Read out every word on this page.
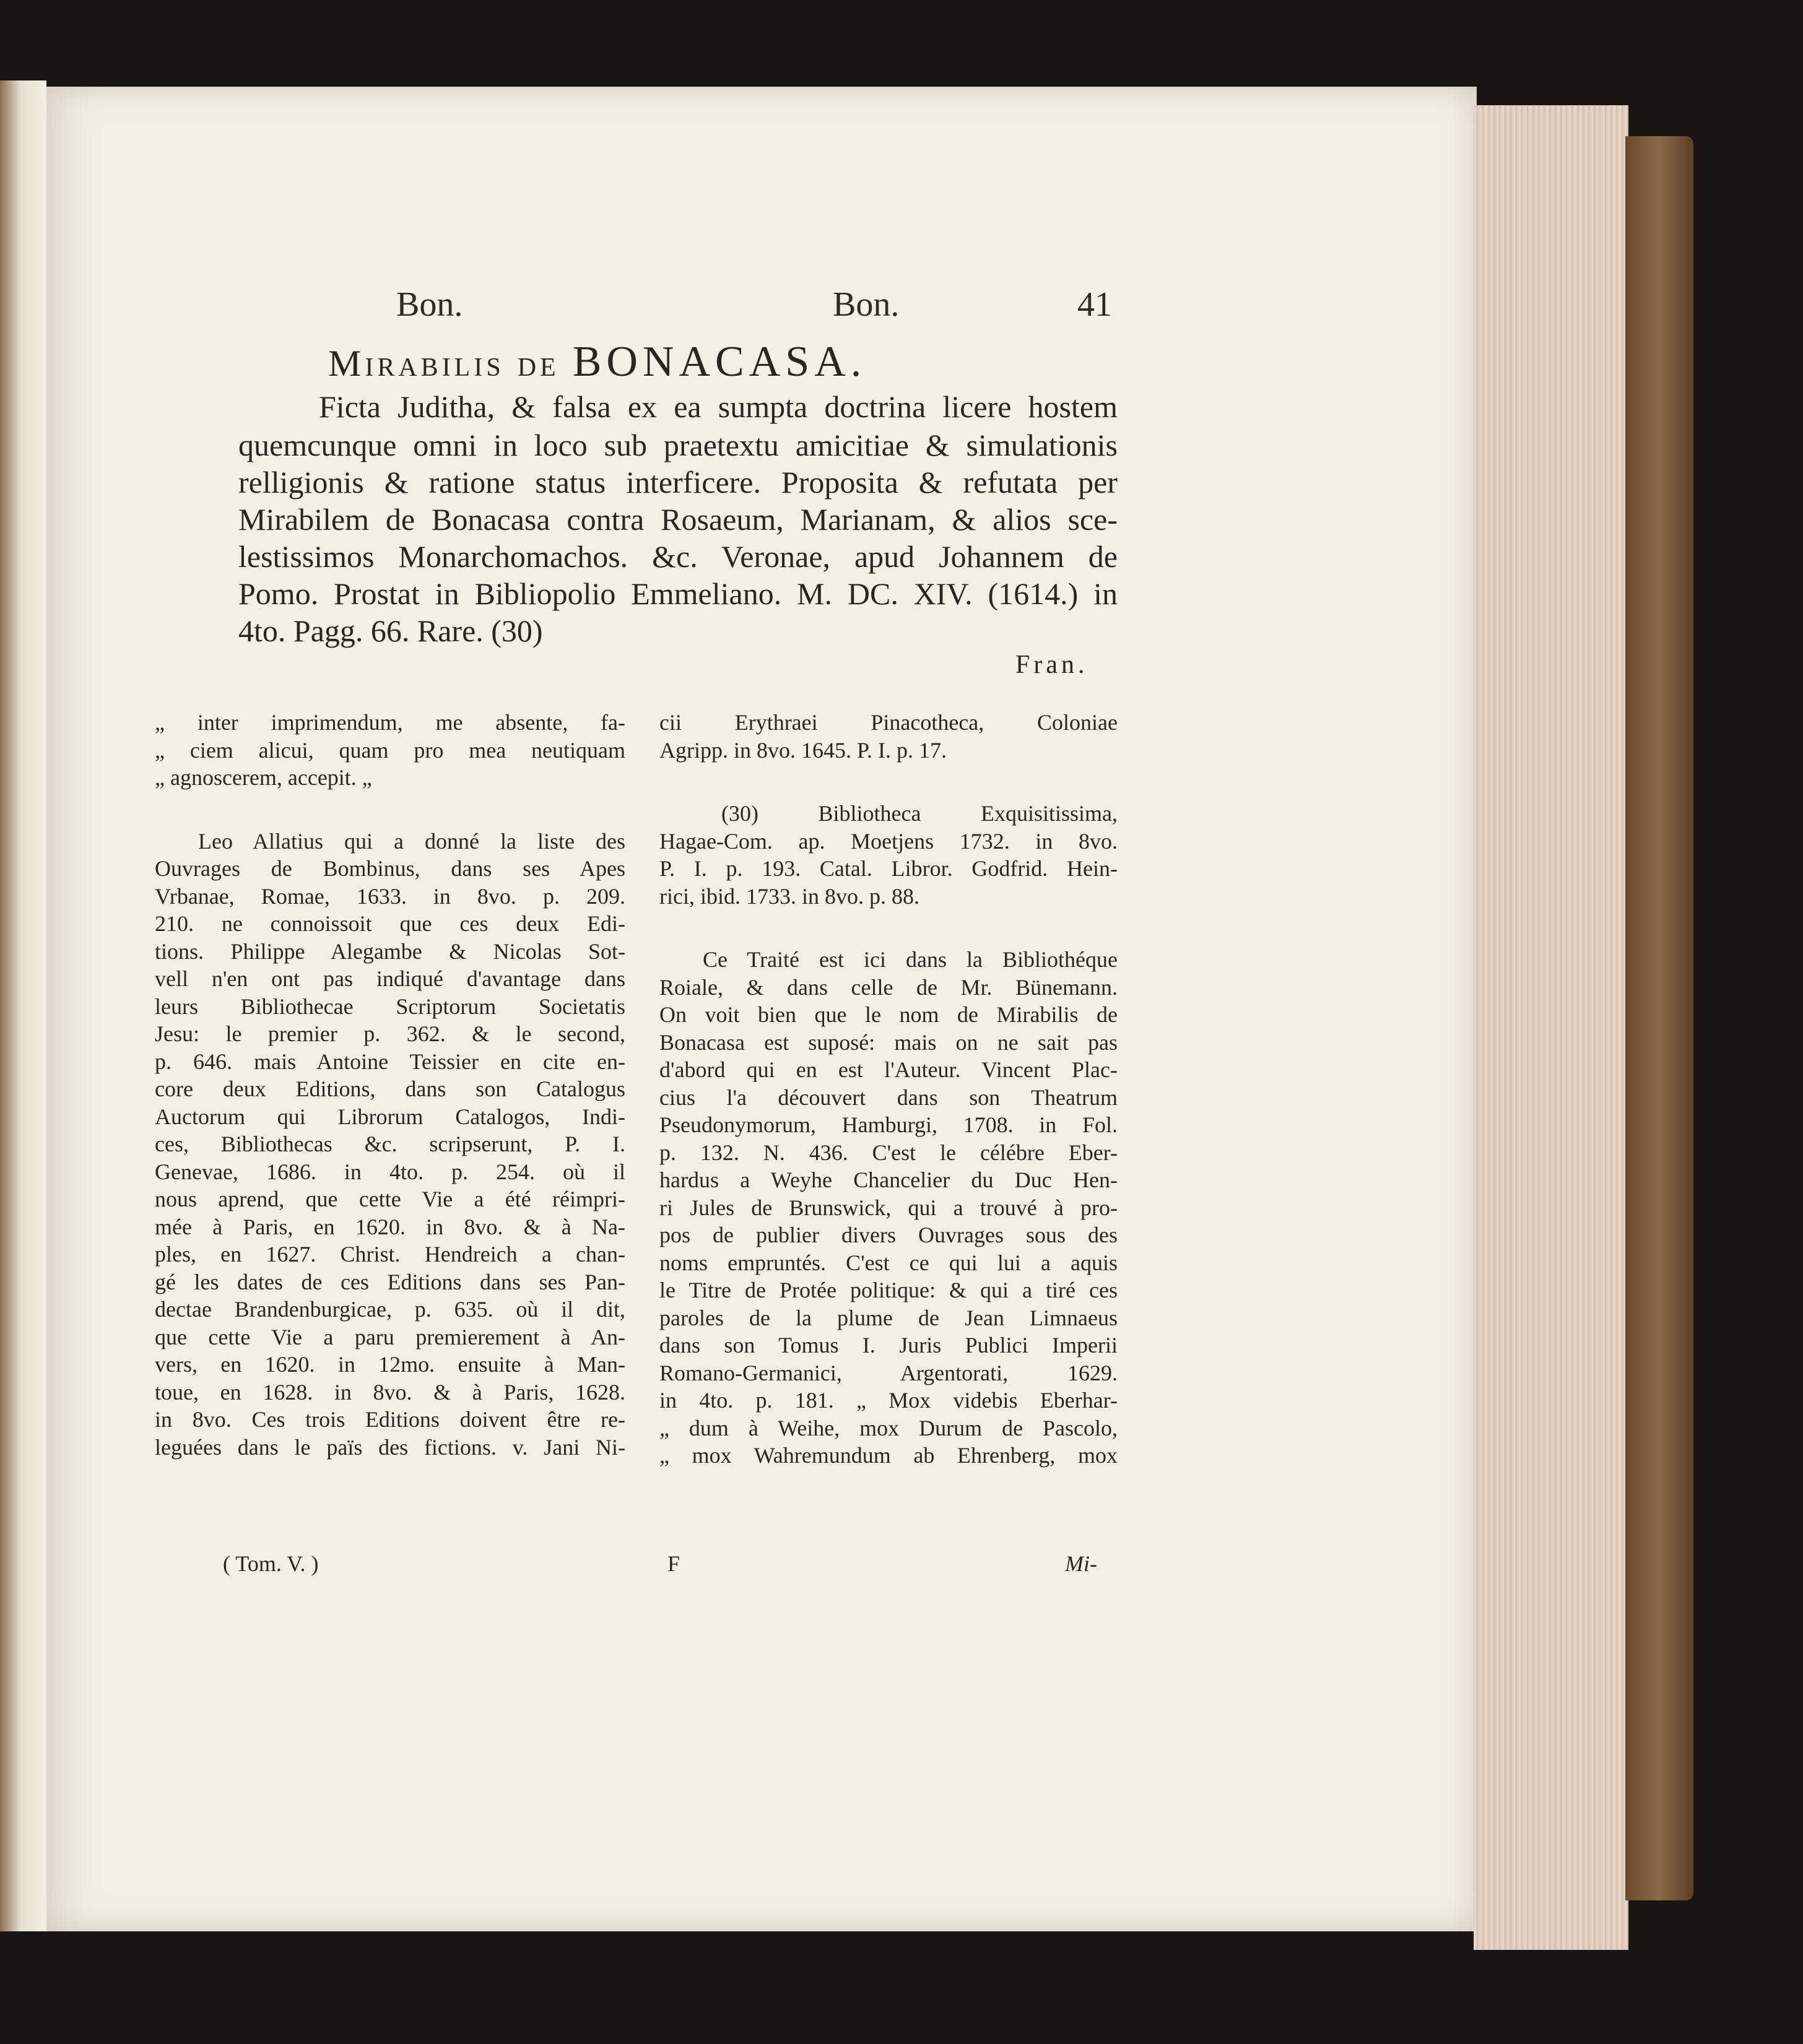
Bon.	Bon.	41
Mirabilis de BONACASA.
Ficta Juditha, & falsa ex ea sumpta doctrina licere hostem
quemcunque omni in loco sub praetextu amicitiae & simulationis
relligionis & ratione status interficere. Proposita & refutata per
Mirabilem de Bonacasa contra Rosaeum, Marianam, & alios sce-
lestissimos Monarchomachos. &c. Veronae, apud Johannem de
Pomo. Prostat in Bibliopolio Emmeliano. M. DC. XIV. (1614.) in
4to. Pagg. 66. Rare. (30)
Fran.
„ inter imprimendum, me absente, fa-
„ ciem alicui, quam pro mea neutiquam
„ agnoscerem, accepit. „
Leo Allatius qui a donné la liste des
Ouvrages de Bombinus, dans ses Apes
Vrbanae, Romae, 1633. in 8vo. p. 209.
210. ne connoissoit que ces deux Edi-
tions. Philippe Alegambe & Nicolas Sot-
vell n'en ont pas indiqué d'avantage dans
leurs Bibliothecae Scriptorum Societatis
Jesu: le premier p. 362. & le second,
p. 646. mais Antoine Teissier en cite en-
core deux Editions, dans son Catalogus
Auctorum qui Librorum Catalogos, Indi-
ces, Bibliothecas &c. scripserunt, P. I.
Genevae, 1686. in 4to. p. 254. où il
nous aprend, que cette Vie a été réimpri-
mée à Paris, en 1620. in 8vo. & à Na-
ples, en 1627. Christ. Hendreich a chan-
gé les dates de ces Editions dans ses Pan-
dectae Brandenburgicae, p. 635. où il dit,
que cette Vie a paru premierement à An-
vers, en 1620. in 12mo. ensuite à Man-
toue, en 1628. in 8vo. & à Paris, 1628.
in 8vo. Ces trois Editions doivent être re-
leguées dans le païs des fictions. v. Jani Ni-
( Tom. V. )
cii Erythraei Pinacotheca, Coloniae
Agripp. in 8vo. 1645. P. I. p. 17.
(30) Bibliotheca Exquisitissima,
Hagae-Com. ap. Moetjens 1732. in 8vo.
P. I. p. 193. Catal. Libror. Godfrid. Hein-
rici, ibid. 1733. in 8vo. p. 88.
Ce Traité est ici dans la Bibliothéque
Roiale, & dans celle de Mr. Bünemann.
On voit bien que le nom de Mirabilis de
Bonacasa est suposé: mais on ne sait pas
d'abord qui en est l'Auteur. Vincent Plac-
cius l'a découvert dans son Theatrum
Pseudonymorum, Hamburgi, 1708. in Fol.
p. 132. N. 436. C'est le célébre Eber-
hardus a Weyhe Chancelier du Duc Hen-
ri Jules de Brunswick, qui a trouvé à pro-
pos de publier divers Ouvrages sous des
noms empruntés. C'est ce qui lui a aquis
le Titre de Protée politique: & qui a tiré ces
paroles de la plume de Jean Limnaeus
dans son Tomus I. Juris Publici Imperii
Romano-Germanici, Argentorati, 1629.
in 4to. p. 181. „ Mox videbis Eberhar-
„ dum à Weihe, mox Durum de Pascolo,
„ mox Wahremundum ab Ehrenberg, mox
F	Mi-
